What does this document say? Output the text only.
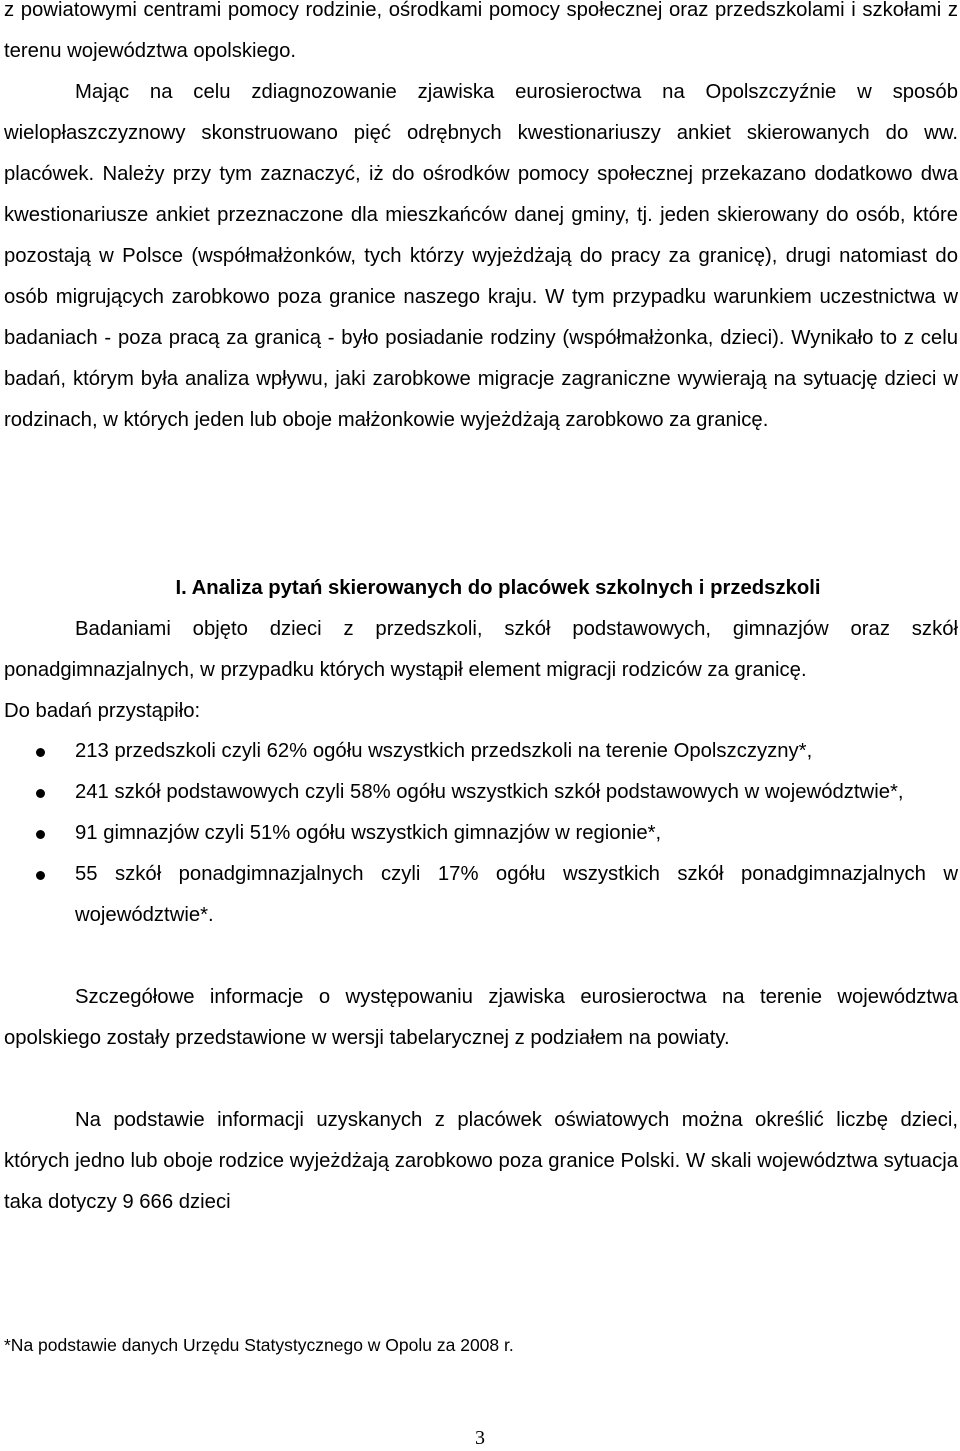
z powiatowymi centrami pomocy rodzinie, ośrodkami pomocy społecznej oraz przedszkolami i szkołami z terenu województwa opolskiego.

Mając na celu zdiagnozowanie zjawiska eurosieroctwa na Opolszczyźnie w sposób wielopłaszczyznowy skonstruowano pięć odrębnych kwestionariuszy ankiet skierowanych do ww. placówek. Należy przy tym zaznaczyć, iż do ośrodków pomocy społecznej przekazano dodatkowo dwa kwestionariusze ankiet przeznaczone dla mieszkańców danej gminy, tj. jeden skierowany do osób, które pozostają w Polsce (współmałżonków, tych którzy wyjeżdżają do pracy za granicę), drugi natomiast do osób migrujących zarobkowo poza granice naszego kraju. W tym przypadku warunkiem uczestnictwa w badaniach - poza pracą za granicą - było posiadanie rodziny (współmałżonka, dzieci). Wynikało to z celu badań, którym była analiza wpływu, jaki zarobkowe migracje zagraniczne wywierają na sytuację dzieci w rodzinach, w których jeden lub oboje małżonkowie wyjeżdżają zarobkowo za granicę.

I. Analiza pytań skierowanych do placówek szkolnych i przedszkoli

Badaniami objęto dzieci z przedszkoli, szkół podstawowych, gimnazjów oraz szkół ponadgimnazjalnych, w przypadku których wystąpił element migracji rodziców za granicę.

Do badań przystąpiło:

213 przedszkoli czyli 62% ogółu wszystkich przedszkoli na terenie Opolszczyzny*,
241 szkół podstawowych czyli 58% ogółu wszystkich szkół podstawowych w województwie*,
91 gimnazjów czyli 51% ogółu wszystkich gimnazjów w regionie*,
55 szkół ponadgimnazjalnych czyli 17% ogółu wszystkich szkół ponadgimnazjalnych w województwie*.

Szczegółowe informacje o występowaniu zjawiska eurosieroctwa na terenie województwa opolskiego zostały przedstawione w wersji tabelarycznej z podziałem na powiaty.

Na podstawie informacji uzyskanych z placówek oświatowych można określić liczbę dzieci, których jedno lub oboje rodzice wyjeżdżają zarobkowo poza granice Polski. W skali województwa sytuacja taka dotyczy 9 666 dzieci

*Na podstawie danych Urzędu Statystycznego w Opolu za 2008 r.

3
